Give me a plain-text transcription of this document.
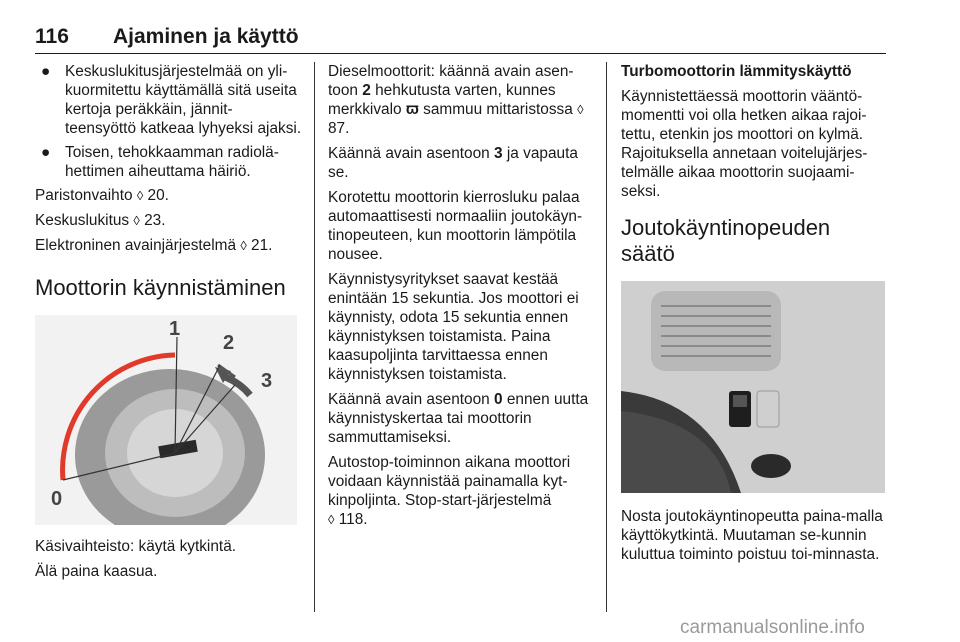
116 Ajaminen ja käyttö
● Keskuslukitusjärjestelmää on yli-kuormitettu käyttämällä sitä useita kertoja peräkkäin, jännit-teensyöttö katkeaa lyhyeksi ajaksi.
● Toisen, tehokkaamman radiolä-hettimen aiheuttama häiriö.

Paristonvaihto ◊ 20.

Keskuslukitus ◊ 23.

Elektroninen avainjärjestelmä ◊ 21.

Moottorin käynnistäminen
0
1
2
3

Käsivaihteisto: käytä kytkintä.

Älä paina kaasua.

Dieselmoottorit: käännä avain asen-toon 2 hehkutusta varten, kunnes merkkivalo ϖ sammuu mittaristossa ◊ 87.

Käännä avain asentoon 3 ja vapauta se.

Korotettu moottorin kierrosluku palaa automaattisesti normaaliin joutokäyn-tinopeuteen, kun moottorin lämpötila nousee.

Käynnistysyritykset saavat kestää enintään 15 sekuntia. Jos moottori ei käynnisty, odota 15 sekuntia ennen käynnistyksen toistamista. Paina kaasupoljinta tarvittaessa ennen käynnistyksen toistamista.

Käännä avain asentoon 0 ennen uutta käynnistyskertaa tai moottorin sammuttamiseksi.

Autostop-toiminnon aikana moottori voidaan käynnistää painamalla kyt-kinpoljinta. Stop-start-järjestelmä
◊ 118.

Turbomoottorin lämmityskäyttö

Käynnistettäessä moottorin vääntö-momentti voi olla hetken aikaa rajoi-tettu, etenkin jos moottori on kylmä. Rajoituksella annetaan voitelujärjes-telmälle aikaa moottorin suojaami-seksi.

Joutokäyntinopeuden säätö

Nosta joutokäyntinopeutta paina-malla käyttökytkintä. Muutaman se-kunnin kuluttua toiminto poistuu toi-minnasta.

carmanualsonline.info
